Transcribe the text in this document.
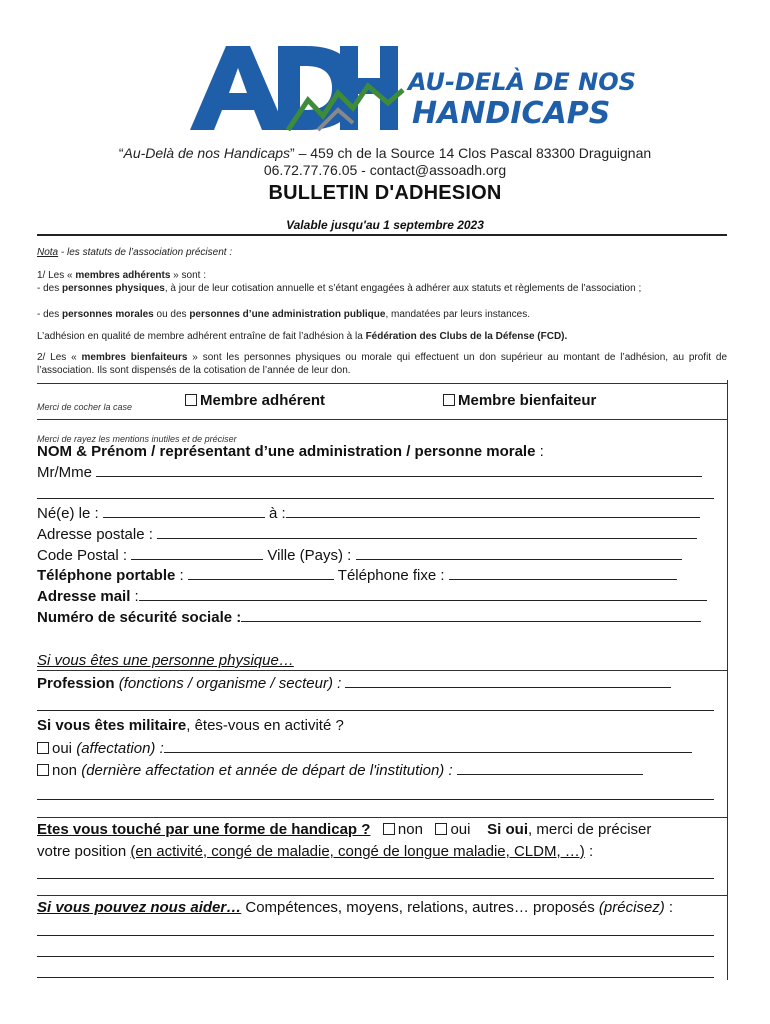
AU-DELÀ DE NOS
HANDICAPS
“Au-Delà de nos Handicaps” – 459 ch de la Source 14 Clos Pascal 83300 Draguignan
06.72.77.76.05 - contact@assoadh.org
BULLETIN D'ADHESION
Valable jusqu'au 1 septembre 2023
Nota - les statuts de l’association précisent :
1/ Les « membres adhérents » sont :
- des personnes physiques, à jour de leur cotisation annuelle et s’étant engagées à adhérer aux statuts et règlements de l’association ;
- des personnes morales ou des personnes d’une administration publique, mandatées par leurs instances.
L’adhésion en qualité de membre adhérent entraîne de fait l’adhésion à la Fédération des Clubs de la Défense (FCD).
2/ Les « membres bienfaiteurs » sont les personnes physiques ou morale qui effectuent un don supérieur au montant de l’adhésion, au profit de l’association. Ils sont dispensés de la cotisation de l’année de leur don.
Merci de cocher la case	Membre adhérent	Membre bienfaiteur
Merci de rayez les mentions inutiles et de préciser
NOM & Prénom / représentant d’une administration / personne morale :
Mr/Mme
Né(e) le :	à :
Adresse postale :
Code Postal :	Ville (Pays) :
Téléphone portable :	Téléphone fixe :
Adresse mail :
Numéro de sécurité sociale :
Si vous êtes une personne physique…
Profession (fonctions / organisme / secteur) :
Si vous êtes militaire, êtes-vous en activité ?
oui (affectation) :
non (dernière affectation et année de départ de l'institution) :
Etes vous touché par une forme de handicap ? non oui Si oui, merci de préciser
votre position (en activité, congé de maladie, congé de longue maladie, CLDM, …) :
Si vous pouvez nous aider… Compétences, moyens, relations, autres… proposés (précisez) :
